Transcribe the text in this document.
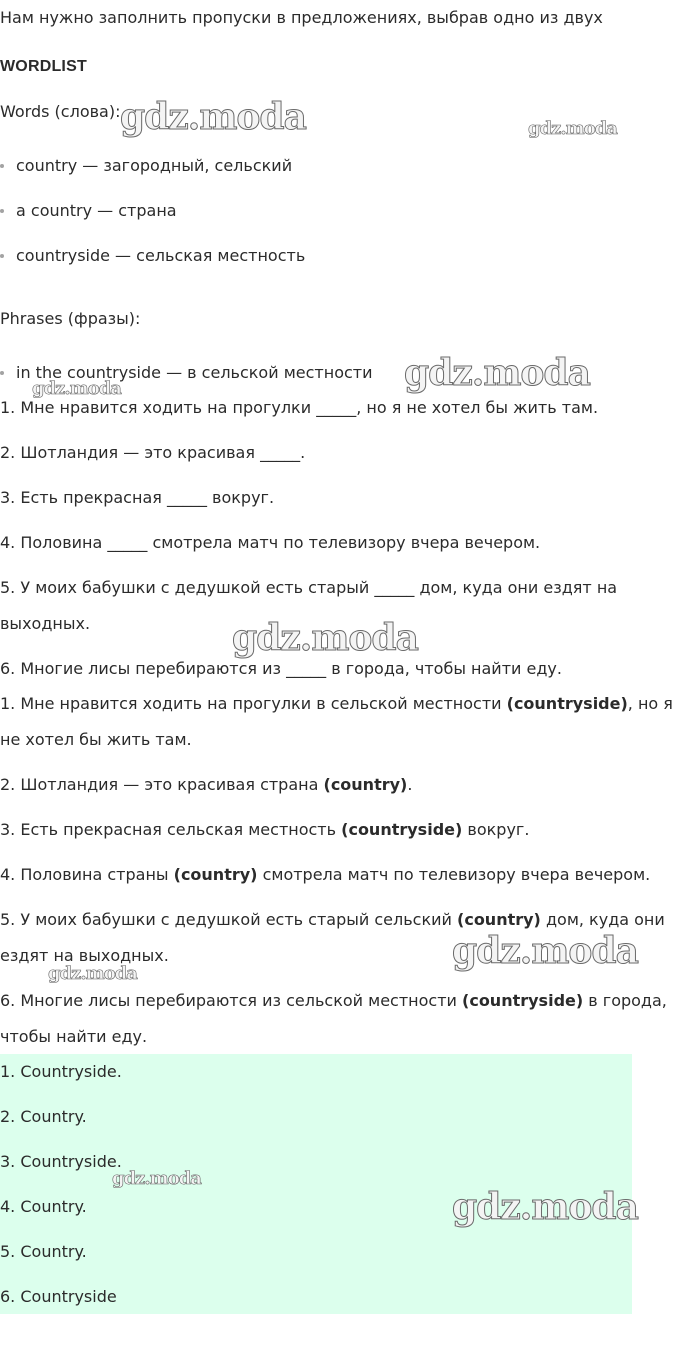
Нам нужно заполнить пропуски в предложениях, выбрав одно из двух

WORDLIST

Words (слова):

country — загородный, сельский
a country — страна
countryside — сельская местность

Phrases (фразы):

in the countryside — в сельской местности

1. Мне нравится ходить на прогулки _____, но я не хотел бы жить там.

2. Шотландия — это красивая _____.

3. Есть прекрасная _____ вокруг.

4. Половина _____ смотрела матч по телевизору вчера вечером.

5. У моих бабушки с дедушкой есть старый _____ дом, куда они ездят на выходных.

6. Многие лисы перебираются из _____ в города, чтобы найти еду.

1. Мне нравится ходить на прогулки в сельской местности (countryside), но я не хотел бы жить там.

2. Шотландия — это красивая страна (country).

3. Есть прекрасная сельская местность (countryside) вокруг.

4. Половина страны (country) смотрела матч по телевизору вчера вечером.

5. У моих бабушки с дедушкой есть старый сельский (country) дом, куда они ездят на выходных.

6. Многие лисы перебираются из сельской местности (countryside) в города, чтобы найти еду.

1. Countryside.
2. Country.
3. Countryside.
4. Country.
5. Country.
6. Countryside
gdz.moda	gdz.moda
gdz.moda
gdz.moda
gdz.moda
gdz.moda
gdz.moda
gdz.moda
gdz.moda
